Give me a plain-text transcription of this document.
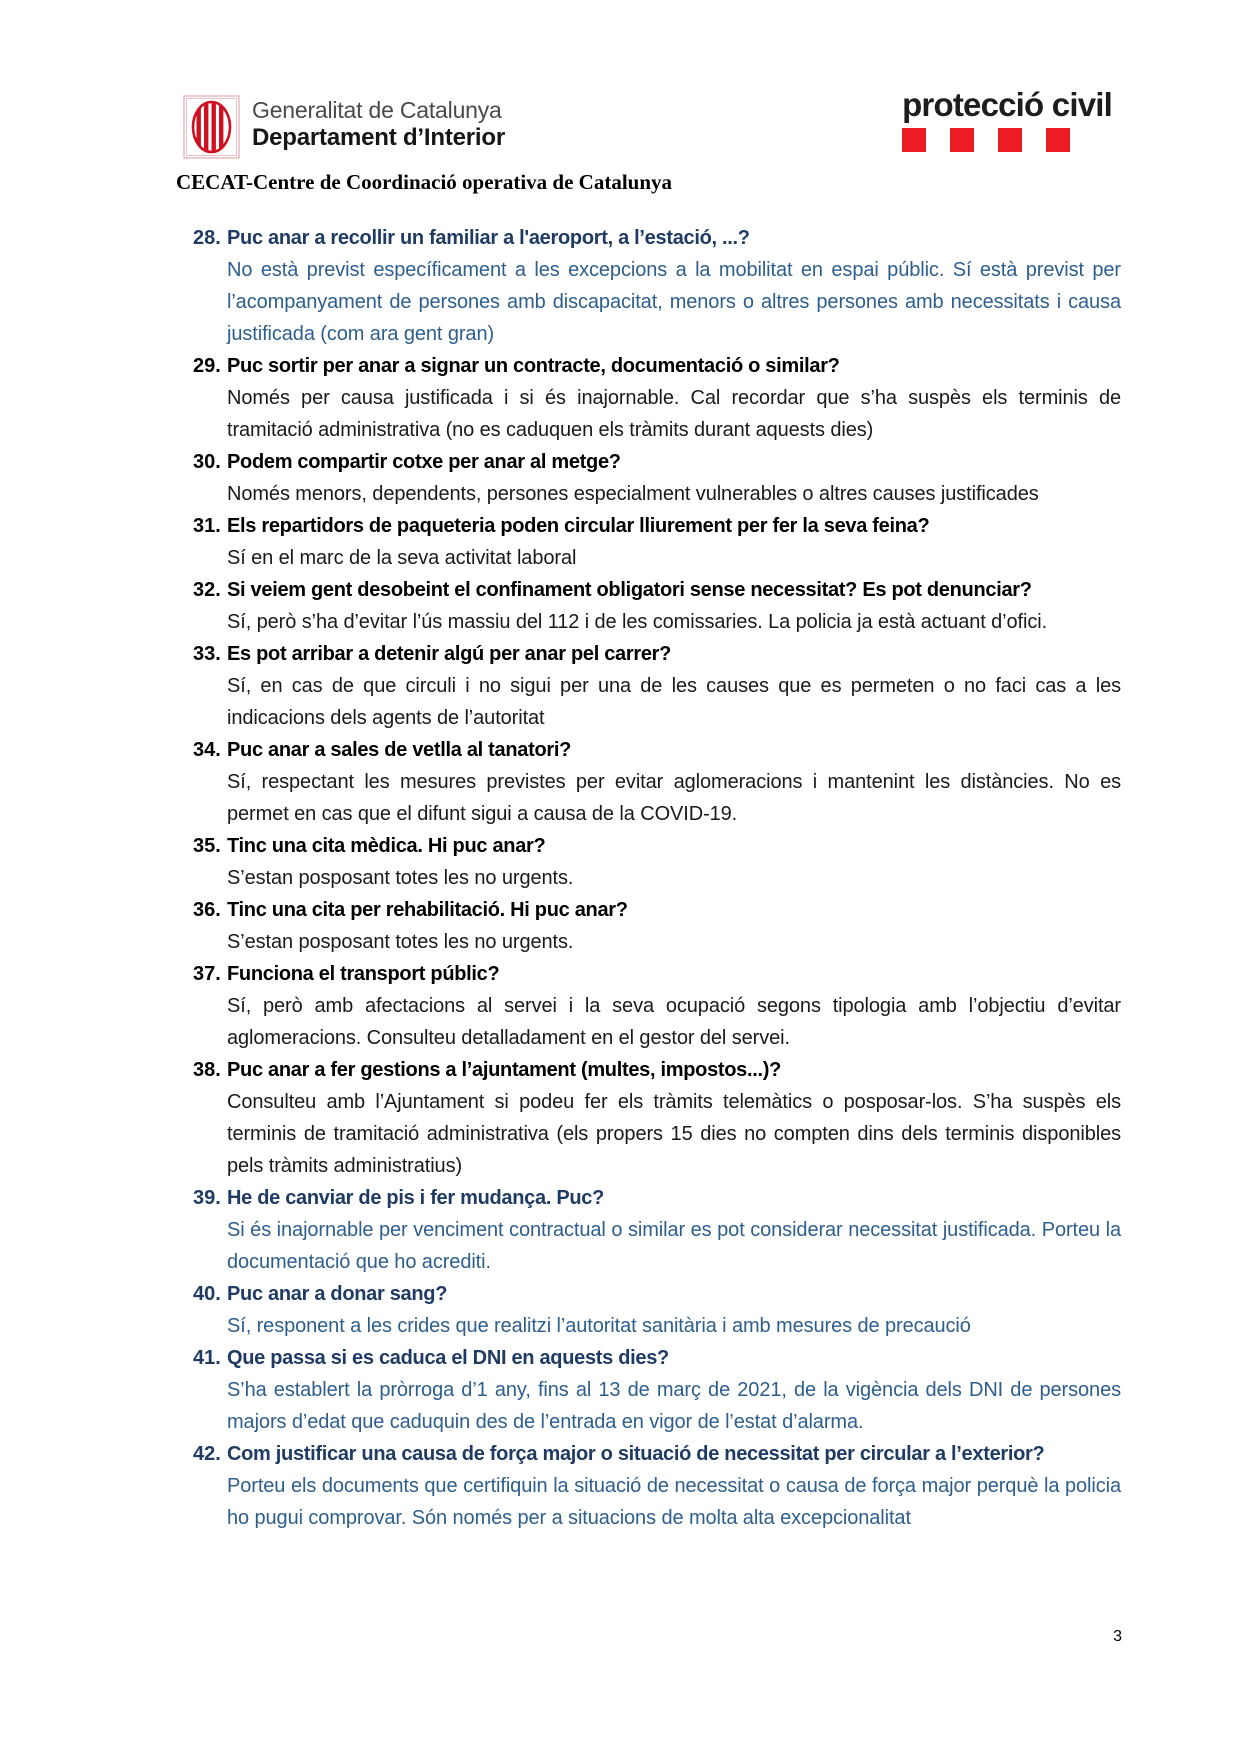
Generalitat de Catalunya
Departament d’Interior
protecció civil
CECAT-Centre de Coordinació operativa de Catalunya
28. Puc anar a recollir un familiar a l'aeroport, a l’estació, ...?
No està previst específicament a les excepcions a la mobilitat en espai públic. Sí està previst per l’acompanyament de persones amb discapacitat, menors o altres persones amb necessitats i causa justificada (com ara gent gran)
29. Puc sortir per anar a signar un contracte, documentació o similar?
Només per causa justificada i si és inajornable. Cal recordar que s’ha suspès els terminis de tramitació administrativa (no es caduquen els tràmits durant aquests dies)
30. Podem compartir cotxe per anar al metge?
Només menors, dependents, persones especialment vulnerables o altres causes justificades
31. Els repartidors de paqueteria poden circular lliurement per fer la seva feina?
Sí en el marc de la seva activitat laboral
32. Si veiem gent desobeint el confinament obligatori sense necessitat? Es pot denunciar?
Sí, però s’ha d’evitar l’ús massiu del 112 i de les comissaries. La policia ja està actuant d’ofici.
33. Es pot arribar a detenir algú per anar pel carrer?
Sí, en cas de que circuli i no sigui per una de les causes que es permeten o no faci cas a les indicacions dels agents de l’autoritat
34. Puc anar a sales de vetlla al tanatori?
Sí, respectant les mesures previstes per evitar aglomeracions i mantenint les distàncies. No es permet en cas que el difunt sigui a causa de la COVID-19.
35. Tinc una cita mèdica. Hi puc anar?
S’estan posposant totes les no urgents.
36. Tinc una cita per rehabilitació. Hi puc anar?
S’estan posposant totes les no urgents.
37. Funciona el transport públic?
Sí, però amb afectacions al servei i la seva ocupació segons tipologia amb l’objectiu d’evitar aglomeracions. Consulteu detalladament en el gestor del servei.
38. Puc anar a fer gestions a l’ajuntament (multes, impostos...)?
Consulteu amb l’Ajuntament si podeu fer els tràmits telemàtics o posposar-los. S’ha suspès els terminis de tramitació administrativa (els propers 15 dies no compten dins dels terminis disponibles pels tràmits administratius)
39. He de canviar de pis i fer mudança. Puc?
Si és inajornable per venciment contractual o similar es pot considerar necessitat justificada. Porteu la documentació que ho acrediti.
40. Puc anar a donar sang?
Sí, responent a les crides que realitzi l’autoritat sanitària i amb mesures de precaució
41. Que passa si es caduca el DNI en aquests dies?
S’ha establert la pròrroga d’1 any, fins al 13 de març de 2021, de la vigència dels DNI de persones majors d’edat que caduquin des de l’entrada en vigor de l’estat d’alarma.
42. Com justificar una causa de força major o situació de necessitat per circular a l’exterior?
Porteu els documents que certifiquin la situació de necessitat o causa de força major perquè la policia ho pugui comprovar. Són només per a situacions de molta alta excepcionalitat
3
